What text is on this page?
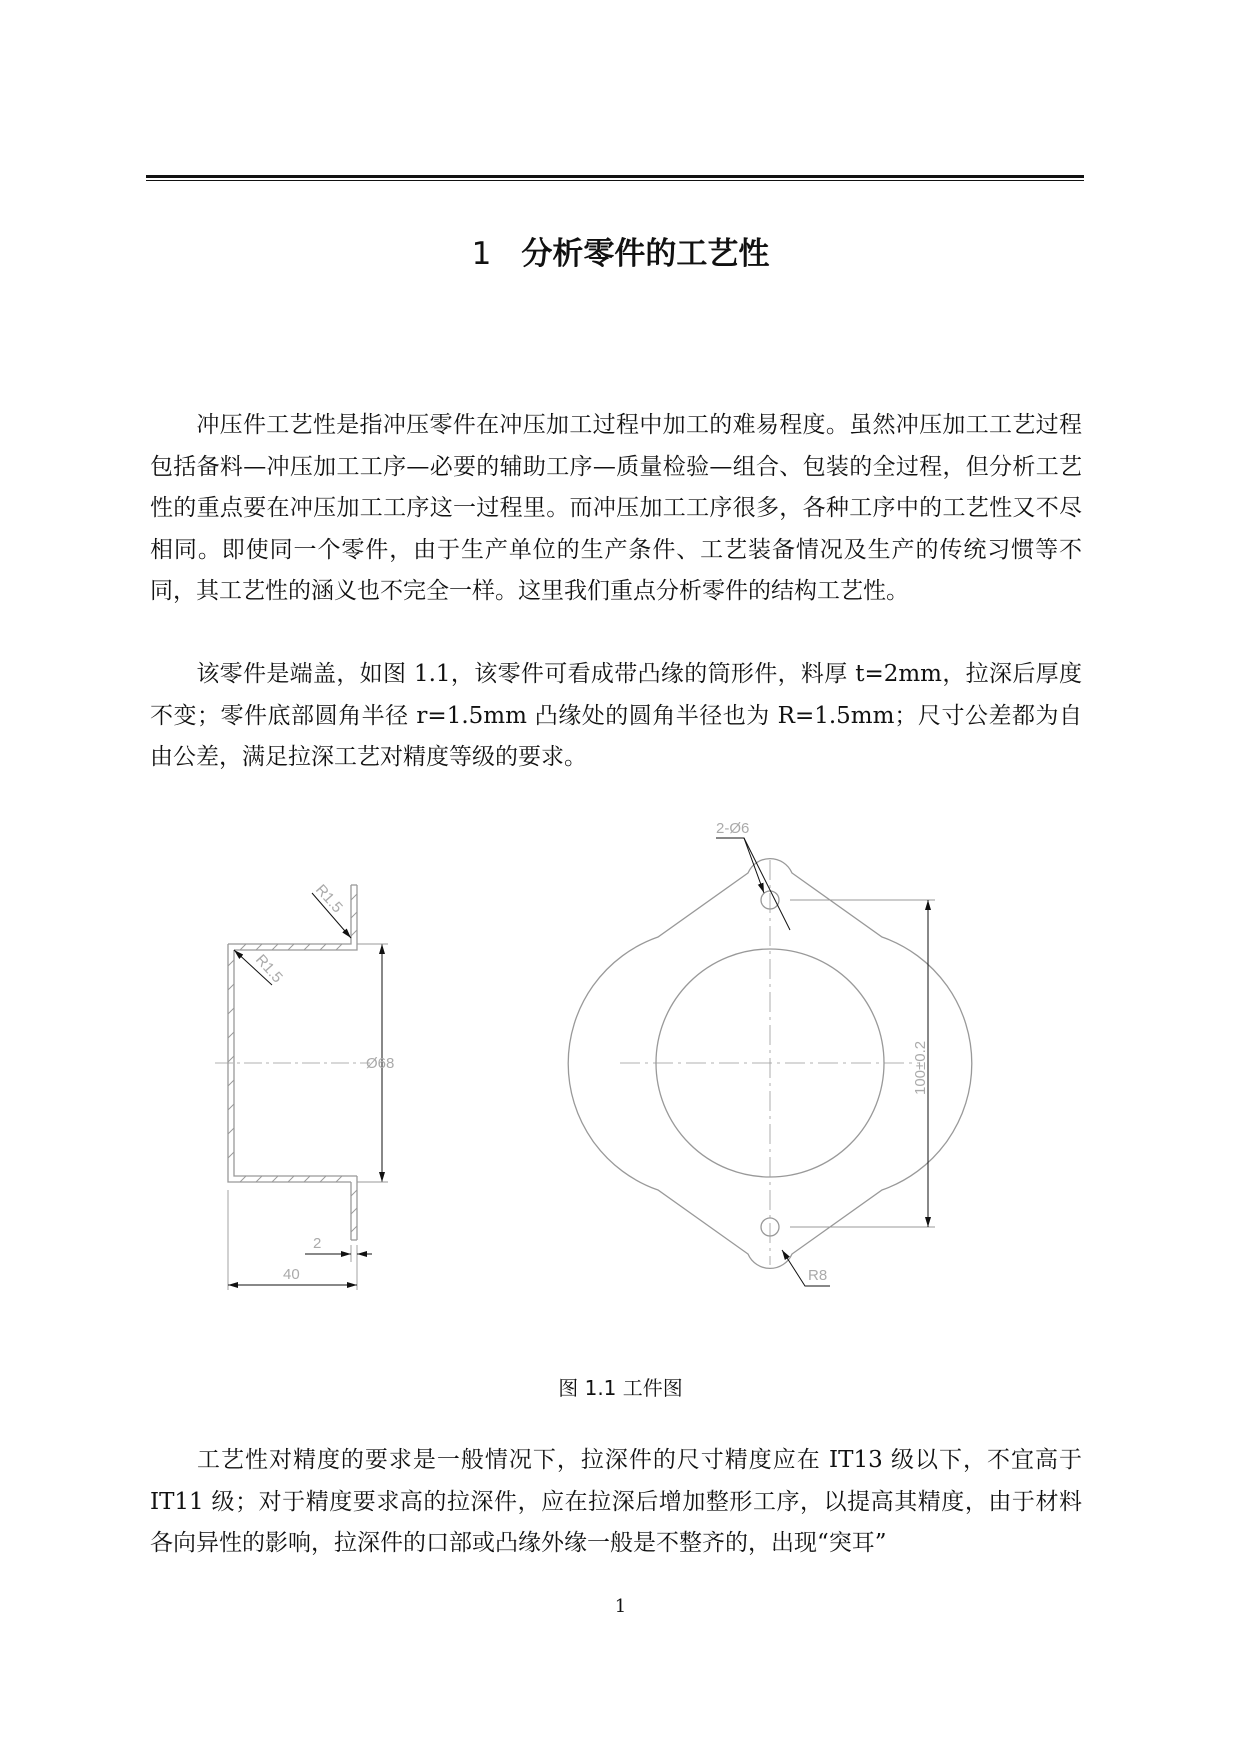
1 分析零件的工艺性

冲压件工艺性是指冲压零件在冲压加工过程中加工的难易程度。虽然冲压加工工艺过程包括备料—冲压加工工序—必要的辅助工序—质量检验—组合、包装的全过程，但分析工艺性的重点要在冲压加工工序这一过程里。而冲压加工工序很多，各种工序中的工艺性又不尽相同。即使同一个零件，由于生产单位的生产条件、工艺装备情况及生产的传统习惯等不同，其工艺性的涵义也不完全一样。这里我们重点分析零件的结构工艺性。

该零件是端盖，如图 1.1，该零件可看成带凸缘的筒形件，料厚 t=2mm，拉深后厚度不变；零件底部圆角半径 r=1.5mm 凸缘处的圆角半径也为 R=1.5mm；尺寸公差都为自由公差，满足拉深工艺对精度等级的要求。

R1.5
R1.5
Ø68
2
40
2-Ø6
100±0.2
R8
图 1.1 工件图

工艺性对精度的要求是一般情况下，拉深件的尺寸精度应在 IT13 级以下，不宜高于 IT11 级；对于精度要求高的拉深件，应在拉深后增加整形工序，以提高其精度，由于材料各向异性的影响，拉深件的口部或凸缘外缘一般是不整齐的，出现“突耳”

1
